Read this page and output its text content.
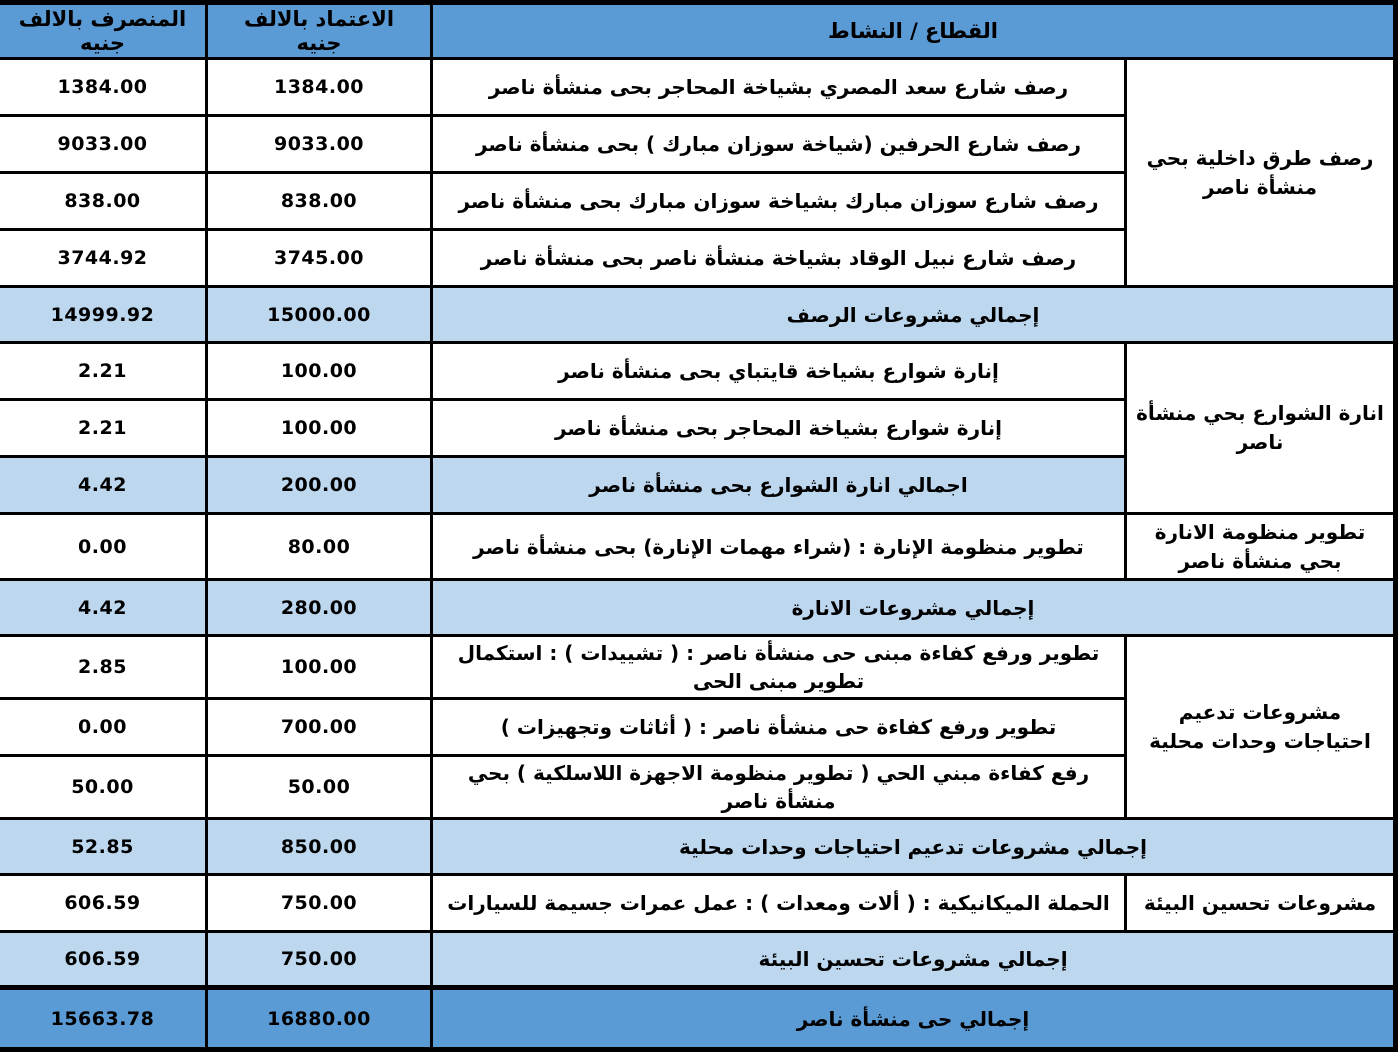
القطاع / النشاط		الاعتماد بالالف جنيه	المنصرف بالالف جنيه
رصف طرق داخلية بحي منشأة ناصر	رصف شارع سعد المصري بشياخة المحاجر بحى منشأة ناصر	1384.00	1384.00
	رصف شارع الحرفين (شياخة سوزان مبارك ) بحى منشأة ناصر	9033.00	9033.00
	رصف شارع سوزان مبارك بشياخة سوزان مبارك بحى منشأة ناصر	838.00	838.00
	رصف شارع نبيل الوقاد بشياخة منشأة ناصر بحى منشأة ناصر	3745.00	3744.92
إجمالي مشروعات الرصف		15000.00	14999.92
انارة الشوارع بحي منشأة ناصر	إنارة شوارع بشياخة قايتباي بحى منشأة ناصر	100.00	2.21
	إنارة شوارع بشياخة المحاجر بحى منشأة ناصر	100.00	2.21
	اجمالي انارة الشوارع بحى منشأة ناصر	200.00	4.42
تطوير منظومة الانارة بحي منشأة ناصر	تطوير منظومة الإنارة : (شراء مهمات الإنارة) بحى منشأة ناصر	80.00	0.00
إجمالي مشروعات الانارة		280.00	4.42
مشروعات تدعيم احتياجات وحدات محلية	تطوير ورفع كفاءة مبنى حى منشأة ناصر : ( تشييدات ) : استكمال تطوير مبنى الحى	100.00	2.85
	تطوير ورفع كفاءة حى منشأة ناصر : ( أثاثات وتجهيزات )	700.00	0.00
	رفع كفاءة مبني الحي ( تطوير منظومة الاجهزة اللاسلكية ) بحي منشأة ناصر	50.00	50.00
إجمالي مشروعات تدعيم احتياجات وحدات محلية		850.00	52.85
مشروعات تحسين البيئة	الحملة الميكانيكية : ( ألات ومعدات ) : عمل عمرات جسيمة للسيارات	750.00	606.59
إجمالي مشروعات تحسين البيئة		750.00	606.59
إجمالي حى منشأة ناصر		16880.00	15663.78
